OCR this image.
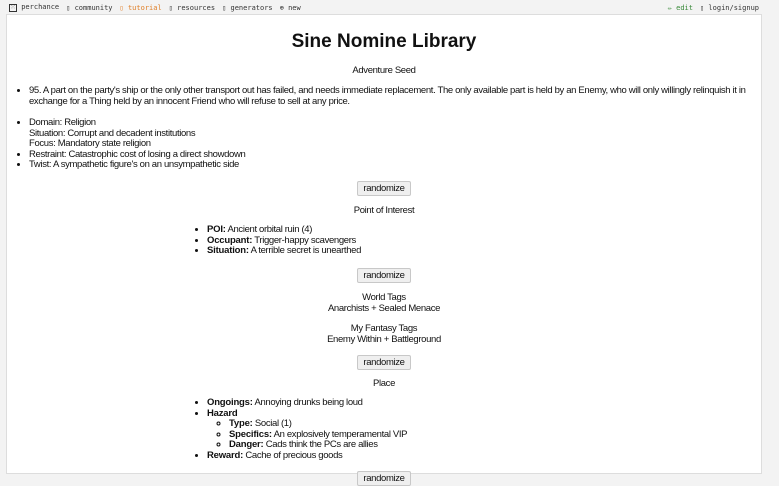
⁙ perchance ▯ community ▯ tutorial ▯ resources ▯ generators ⊕ new	✏ edit ▯ login/signup
Sine Nomine Library
Adventure Seed
• 95. A part on the party's ship or the only other transport out has failed, and needs immediate replacement. The only available part is held by an Enemy, who will only willingly relinquish it in exchange for a Thing held by an innocent Friend who will refuse to sell at any price.
• Domain: Religion
Situation: Corrupt and decadent institutions
Focus: Mandatory state religion
• Restraint: Catastrophic cost of losing a direct showdown
• Twist: A sympathetic figure's on an unsympathetic side
randomize
Point of Interest
• POI: Ancient orbital ruin (4)
• Occupant: Trigger-happy scavengers
• Situation: A terrible secret is unearthed
randomize
World Tags
Anarchists + Sealed Menace
My Fantasy Tags
Enemy Within + Battleground
randomize
Place
• Ongoings: Annoying drunks being loud
• Hazard
◦ Type: Social (1)
◦ Specifics: An explosively temperamental VIP
◦ Danger: Cads think the PCs are allies
• Reward: Cache of precious goods
randomize
